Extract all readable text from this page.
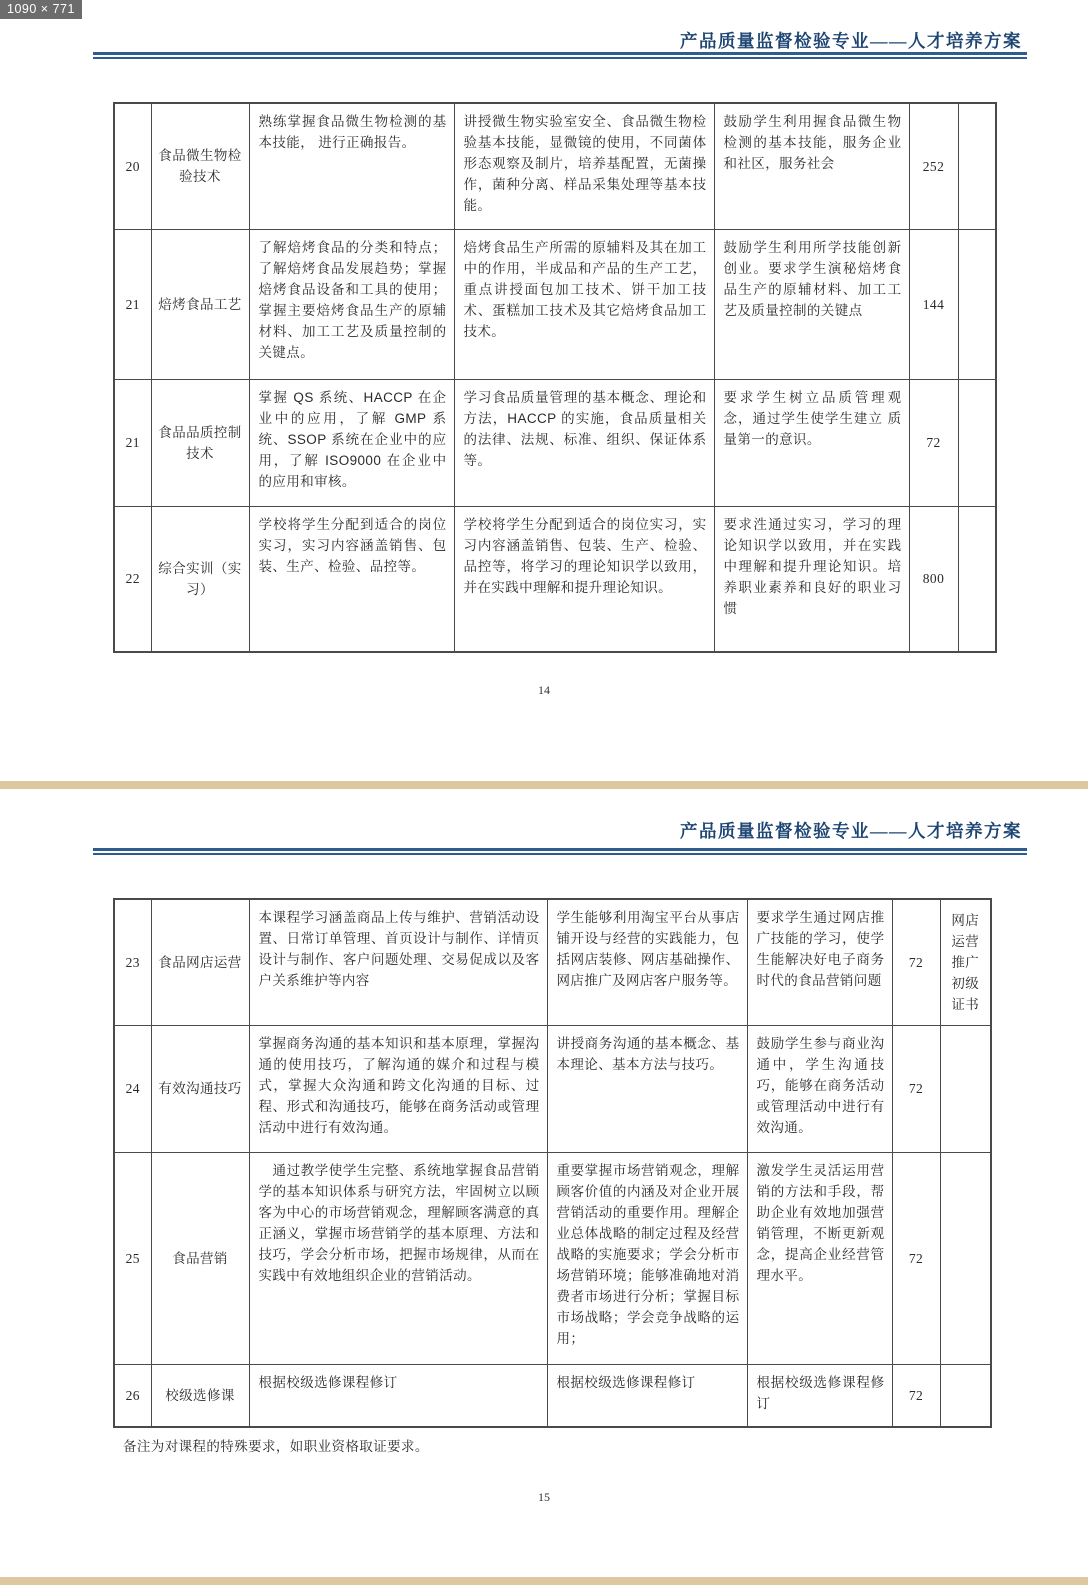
1090 × 771
产品质量监督检验专业——人才培养方案
20	食品微生物检验技术	熟练掌握食品微生物检测的基本技能， 进行正确报告。	讲授微生物实验室安全、食品微生物检验基本技能，显微镜的使用，不同菌体形态观察及制片，培养基配置，无菌操作，菌种分离、样品采集处理等基本技能。	鼓励学生利用握食品微生物检测的基本技能，服务企业和社区，服务社会	252	
21	焙烤食品工艺	了解焙烤食品的分类和特点； 了解焙烤食品发展趋势；掌握焙烤食品设备和工具的使用；掌握主要焙烤食品生产的原辅材料、加工工艺及质量控制的关键点。	焙烤食品生产所需的原辅料及其在加工中的作用，半成品和产品的生产工艺，重点讲授面包加工技术、饼干加工技术、蛋糕加工技术及其它焙烤食品加工技术。	鼓励学生利用所学技能创新创业。要求学生演秘焙烤食品生产的原辅材料、加工工艺及质量控制的关键点	144	
21	食品品质控制技术	掌握 QS 系统、HACCP 在企业中的应用，了解 GMP 系统、SSOP 系统在企业中的应用，了解 ISO9000 在企业中的应用和审核。	学习食品质量管理的基本概念、理论和方法，HACCP 的实施，食品质量相关的法律、法规、标准、组织、保证体系等。	要求学生树立品质管理观念，通过学生使学生建立 质量第一的意识。	72	
22	综合实训（实习）	学校将学生分配到适合的岗位实习，实习内容涵盖销售、包装、生产、检验、品控等。	学校将学生分配到适合的岗位实习，实习内容涵盖销售、包装、生产、检验、品控等，将学习的理论知识学以致用，并在实践中理解和提升理论知识。	要求泩通过实习，学习的理论知识学以致用，并在实践中理解和提升理论知识。培养职业素养和良好的职业习惯	800	
14
产品质量监督检验专业——人才培养方案
23	食品网店运营	本课程学习涵盖商品上传与维护、营销活动设置、日常订单管理、首页设计与制作、详情页设计与制作、客户问题处理、交易促成以及客户关系维护等内容	学生能够利用淘宝平台从事店铺开设与经营的实践能力，包括网店装修、网店基础操作、网店推广及网店客户服务等。	要求学生通过网店推广技能的学习，使学生能解决好电子商务时代的食品营销问题	72	网店运营推广初级证书
24	有效沟通技巧	掌握商务沟通的基本知识和基本原理，掌握沟通的使用技巧，了解沟通的媒介和过程与模式，掌握大众沟通和跨文化沟通的目标、过程、形式和沟通技巧，能够在商务活动或管理活动中进行有效沟通。	讲授商务沟通的基本概念、基本理论、基本方法与技巧。	鼓励学生参与商业沟通中，学生沟通技巧，能够在商务活动或管理活动中进行有效沟通。	72	
25	食品营销	　通过教学使学生完整、系统地掌握食品营销学的基本知识体系与研究方法，牢固树立以顾客为中心的市场营销观念，理解顾客满意的真正涵义，掌握市场营销学的基本原理、方法和技巧，学会分析市场，把握市场规律，从而在实践中有效地组织企业的营销活动。	重要掌握市场营销观念，理解顾客价值的内涵及对企业开展营销活动的重要作用。理解企业总体战略的制定过程及经营战略的实施要求；学会分析市场营销环境；能够准确地对消费者市场进行分析；掌握目标市场战略；学会竞争战略的运用；	激发学生灵活运用营销的方法和手段，帮助企业有效地加强营销管理，不断更新观念，提高企业经营管理水平。	72	
26	校级选修课	根据校级选修课程修订	根据校级选修课程修订	根据校级选修课程修订	72	
备注为对课程的特殊要求，如职业资格取证要求。
15
